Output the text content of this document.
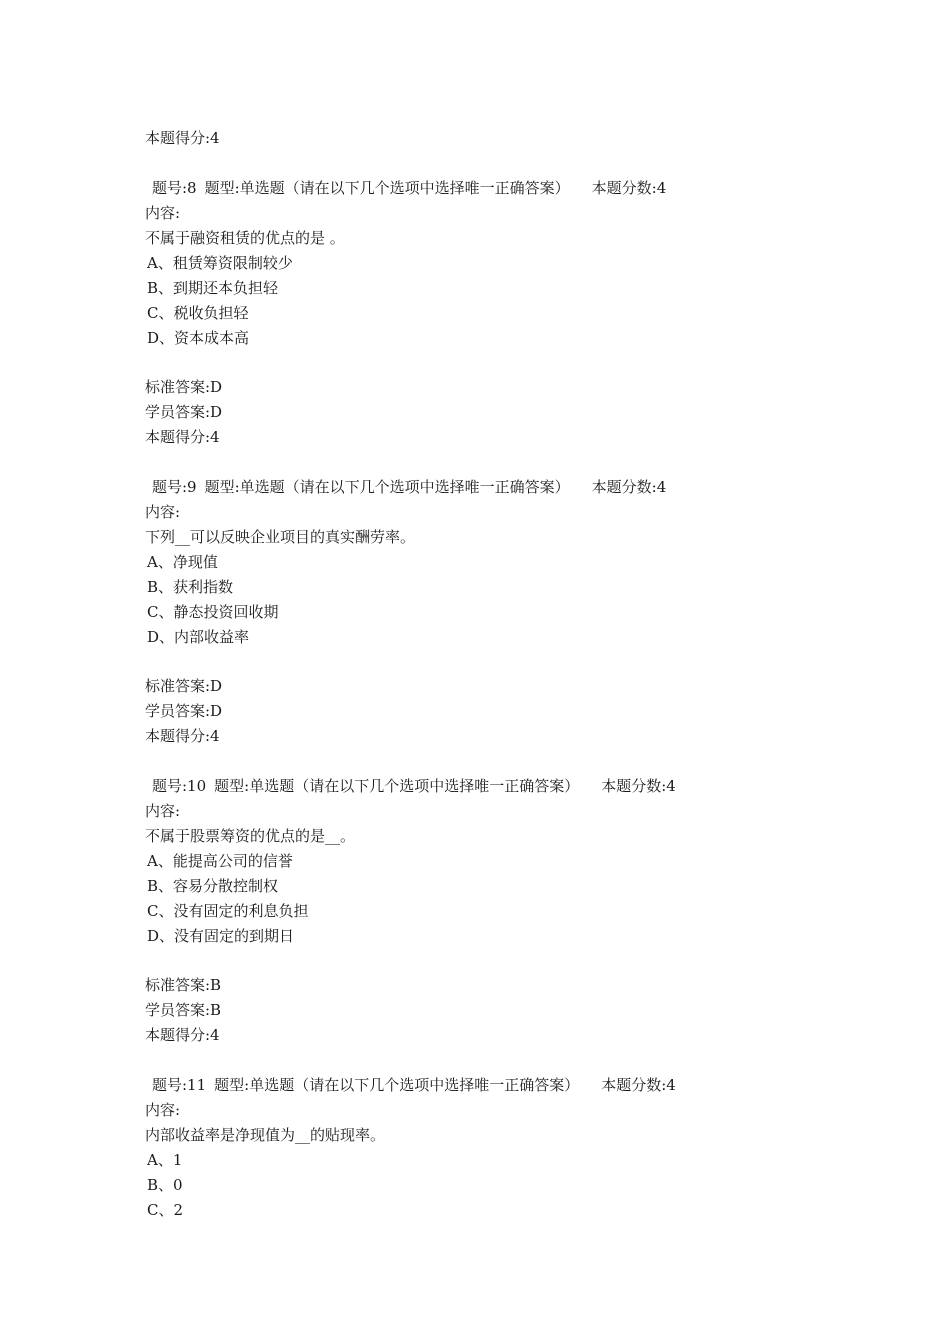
本题得分:4
题号:8 题型:单选题（请在以下几个选项中选择唯一正确答案） 本题分数:4
内容:
不属于融资租赁的优点的是 。
A、租赁筹资限制较少
B、到期还本负担轻
C、税收负担轻
D、资本成本高
标准答案:D
学员答案:D
本题得分:4
题号:9 题型:单选题（请在以下几个选项中选择唯一正确答案） 本题分数:4
内容:
下列__可以反映企业项目的真实酬劳率。
A、净现值
B、获利指数
C、静态投资回收期
D、内部收益率
标准答案:D
学员答案:D
本题得分:4
题号:10 题型:单选题（请在以下几个选项中选择唯一正确答案） 本题分数:4
内容:
不属于股票筹资的优点的是__。
A、能提高公司的信誉
B、容易分散控制权
C、没有固定的利息负担
D、没有固定的到期日
标准答案:B
学员答案:B
本题得分:4
题号:11 题型:单选题（请在以下几个选项中选择唯一正确答案） 本题分数:4
内容:
内部收益率是净现值为__的贴现率。
A、1
B、0
C、2
